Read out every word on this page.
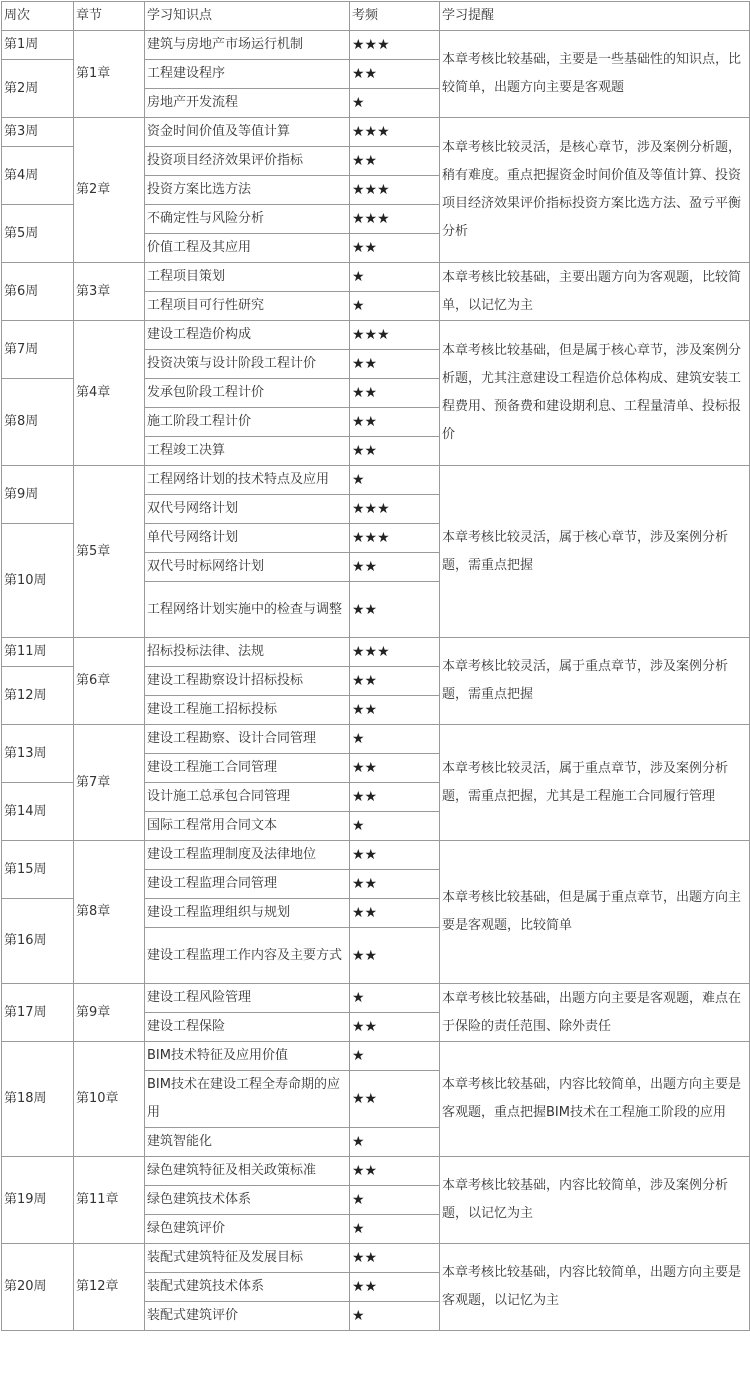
周次	章节	学习知识点	考频	学习提醒
第1周	第1章	建筑与房地产市场运行机制	★★★	本章考核比较基础，主要是一些基础性的知识点，比较简单，出题方向主要是客观题
第2周		工程建设程序	★★	
		房地产开发流程	★	
第3周	第2章	资金时间价值及等值计算	★★★	本章考核比较灵活，是核心章节，涉及案例分析题，稍有难度。重点把握资金时间价值及等值计算、投资项目经济效果评价指标投资方案比选方法、盈亏平衡分析
第4周		投资项目经济效果评价指标	★★	
		投资方案比选方法	★★★	
第5周		不确定性与风险分析	★★★	
		价值工程及其应用	★★	
第6周	第3章	工程项目策划	★	本章考核比较基础，主要出题方向为客观题，比较简单，以记忆为主
		工程项目可行性研究	★	
第7周	第4章	建设工程造价构成	★★★	本章考核比较基础，但是属于核心章节，涉及案例分析题，尤其注意建设工程造价总体构成、建筑安装工程费用、预备费和建设期利息、工程量清单、投标报价
		投资决策与设计阶段工程计价	★★	
第8周		发承包阶段工程计价	★★	
		施工阶段工程计价	★★	
		工程竣工决算	★★	
第9周	第5章	工程网络计划的技术特点及应用	★	本章考核比较灵活，属于核心章节，涉及案例分析题，需重点把握
		双代号网络计划	★★★	
第10周		单代号网络计划	★★★	
		双代号时标网络计划	★★	
		工程网络计划实施中的检查与调整	★★	
第11周	第6章	招标投标法律、法规	★★★	本章考核比较灵活，属于重点章节，涉及案例分析题，需重点把握
第12周		建设工程勘察设计招标投标	★★	
		建设工程施工招标投标	★★	
第13周	第7章	建设工程勘察、设计合同管理	★	本章考核比较灵活，属于重点章节，涉及案例分析题，需重点把握，尤其是工程施工合同履行管理
		建设工程施工合同管理	★★	
第14周		设计施工总承包合同管理	★★	
		国际工程常用合同文本	★	
第15周	第8章	建设工程监理制度及法律地位	★★	本章考核比较基础，但是属于重点章节，出题方向主要是客观题，比较简单
		建设工程监理合同管理	★★	
第16周		建设工程监理组织与规划	★★	
		建设工程监理工作内容及主要方式	★★	
第17周	第9章	建设工程风险管理	★	本章考核比较基础，出题方向主要是客观题，难点在于保险的责任范围、除外责任
		建设工程保险	★★	
第18周	第10章	BIM技术特征及应用价值	★	本章考核比较基础，内容比较简单，出题方向主要是客观题，重点把握BIM技术在工程施工阶段的应用
		BIM技术在建设工程全寿命期的应用	★★	
		建筑智能化	★	
第19周	第11章	绿色建筑特征及相关政策标准	★★	本章考核比较基础，内容比较简单，涉及案例分析题，以记忆为主
		绿色建筑技术体系	★	
		绿色建筑评价	★	
第20周	第12章	装配式建筑特征及发展目标	★★	本章考核比较基础，内容比较简单，出题方向主要是客观题，以记忆为主
		装配式建筑技术体系	★★	
		装配式建筑评价	★	
